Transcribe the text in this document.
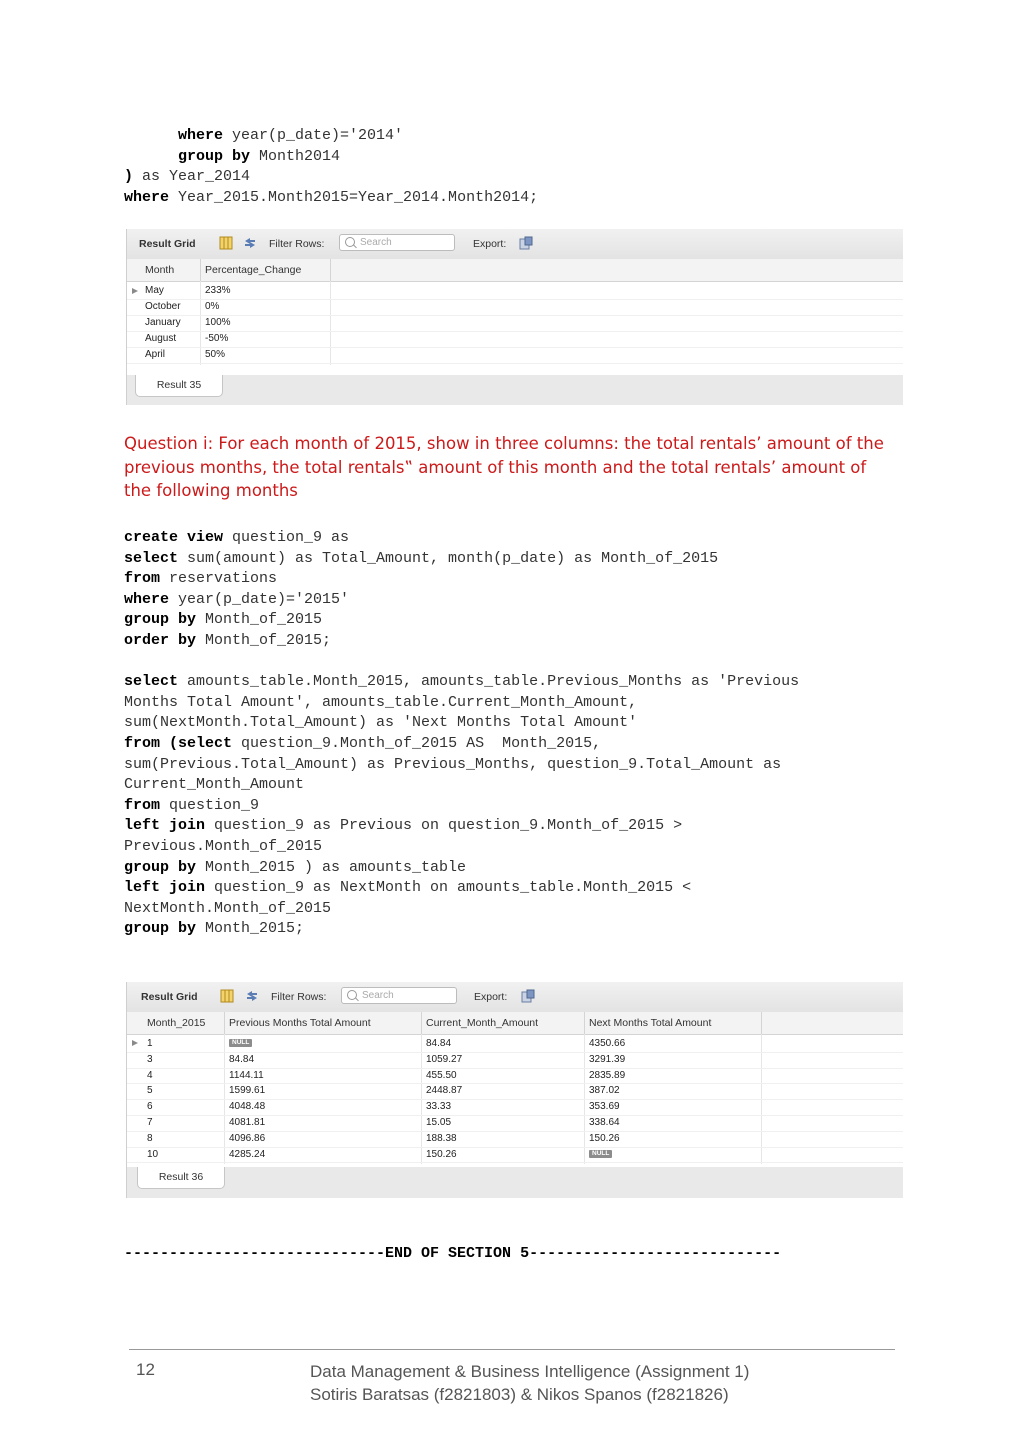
where year(p_date)='2014'
group by Month2014
) as Year_2014
where Year_2015.Month2015=Year_2014.Month2014;
Result Grid	Filter Rows:	Search	Export:
Month	Percentage_Change
May	233%
October 0%
January 100%
August	-50%
April	50%
Result 35

Question i: For each month of 2015, show in three columns: the total rentals’ amount of the previous months, the total rentals‟ amount of this month and the total rentals’ amount of the following months

create view question_9 as
select sum(amount) as Total_Amount, month(p_date) as Month_of_2015
from reservations
where year(p_date)='2015'
group by Month_of_2015
order by Month_of_2015;
select amounts_table.Month_2015, amounts_table.Previous_Months as 'Previous
Months Total Amount', amounts_table.Current_Month_Amount,
sum(NextMonth.Total_Amount) as 'Next Months Total Amount'
from (select question_9.Month_of_2015 AS  Month_2015,
sum(Previous.Total_Amount) as Previous_Months, question_9.Total_Amount as
Current_Month_Amount
from question_9
left join question_9 as Previous on question_9.Month_of_2015 >
Previous.Month_of_2015
group by Month_2015 ) as amounts_table
left join question_9 as NextMonth on amounts_table.Month_2015 <
NextMonth.Month_of_2015
group by Month_2015;
Result Grid	Filter Rows:	Search	Export:
Month_2015	Previous Months Total Amount	Current_Month_Amount	Next Months Total Amount
1	NULL	84.84	4350.66
3	84.84	1059.27	3291.39
4	1144.11	455.50	2835.89
5	1599.61	2448.87	387.02
6	4048.48	33.33	353.69
7	4081.81	15.05	338.64
8	4096.86	188.38	150.26
10	4285.24	150.26	NULL
Result 36
-----------------------------END OF SECTION 5----------------------------
12	Data Management & Business Intelligence (Assignment 1)
Sotiris Baratsas (f2821803) & Nikos Spanos (f2821826)
